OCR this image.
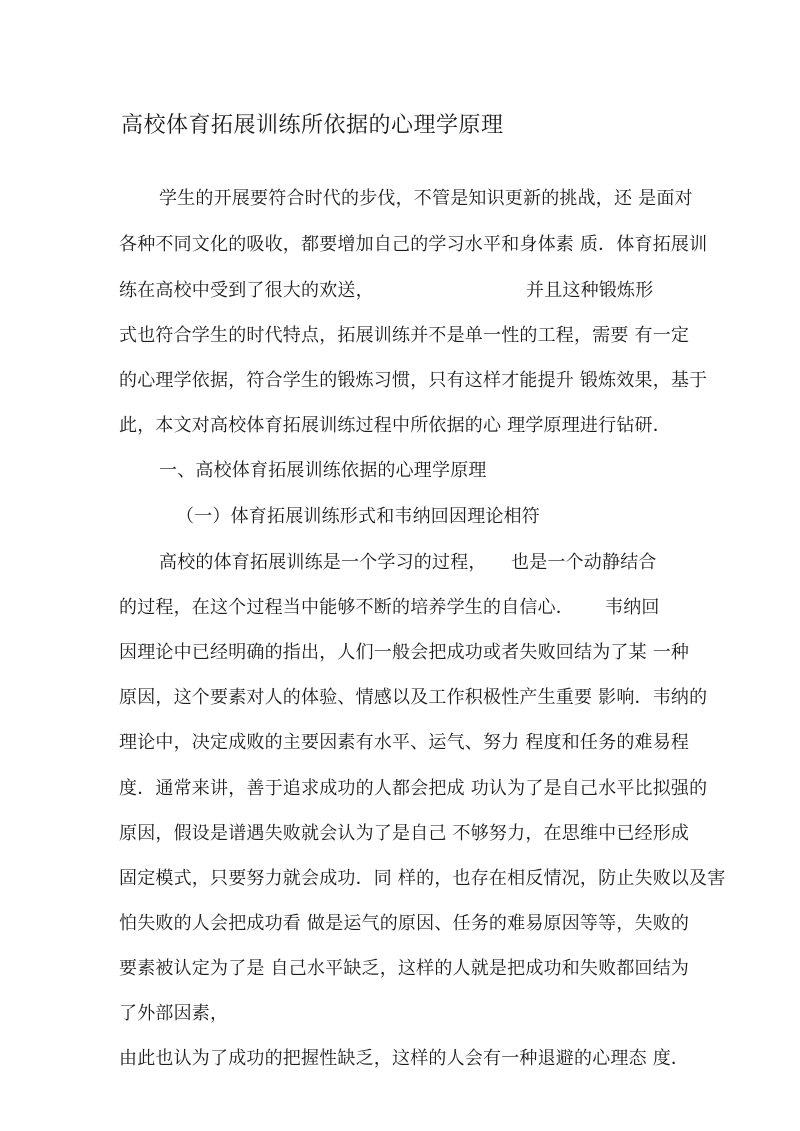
高校体育拓展训练所依据的心理学原理
学生的开展要符合时代的步伐，不管是知识更新的挑战，还 是面对
各种不同文化的吸收，都要增加自己的学习水平和身体素 质．体育拓展训
练在高校中受到了很大的欢送，	并且这种锻炼形
式也符合学生的时代特点，拓展训练并不是单一性的工程，需要 有一定
的心理学依据，符合学生的锻炼习惯，只有这样才能提升 锻炼效果，基于
此，本文对高校体育拓展训练过程中所依据的心 理学原理进行钻研．
一、高校体育拓展训练依据的心理学原理
（一）体育拓展训练形式和韦纳回因理论相符
高校的体育拓展训练是一个学习的过程， 也是一个动静结合
的过程，在这个过程当中能够不断的培养学生的自信心． 韦纳回
因理论中已经明确的指出，人们一般会把成功或者失败回结为了某 一种
原因，这个要素对人的体验、情感以及工作积极性产生重要 影响．韦纳的
理论中，决定成败的主要因素有水平、运气、努力 程度和任务的难易程
度．通常来讲，善于追求成功的人都会把成 功认为了是自己水平比拟强的
原因，假设是谱遇失败就会认为了是自己 不够努力，在思维中已经形成
固定模式，只要努力就会成功．同 样的，也存在相反情况，防止失败以及害
怕失败的人会把成功看 做是运气的原因、任务的难易原因等等，失败的
要素被认定为了是 自己水平缺乏，这样的人就是把成功和失败都回结为
了外部因素，
由此也认为了成功的把握性缺乏，这样的人会有一种退避的心理态 度．
